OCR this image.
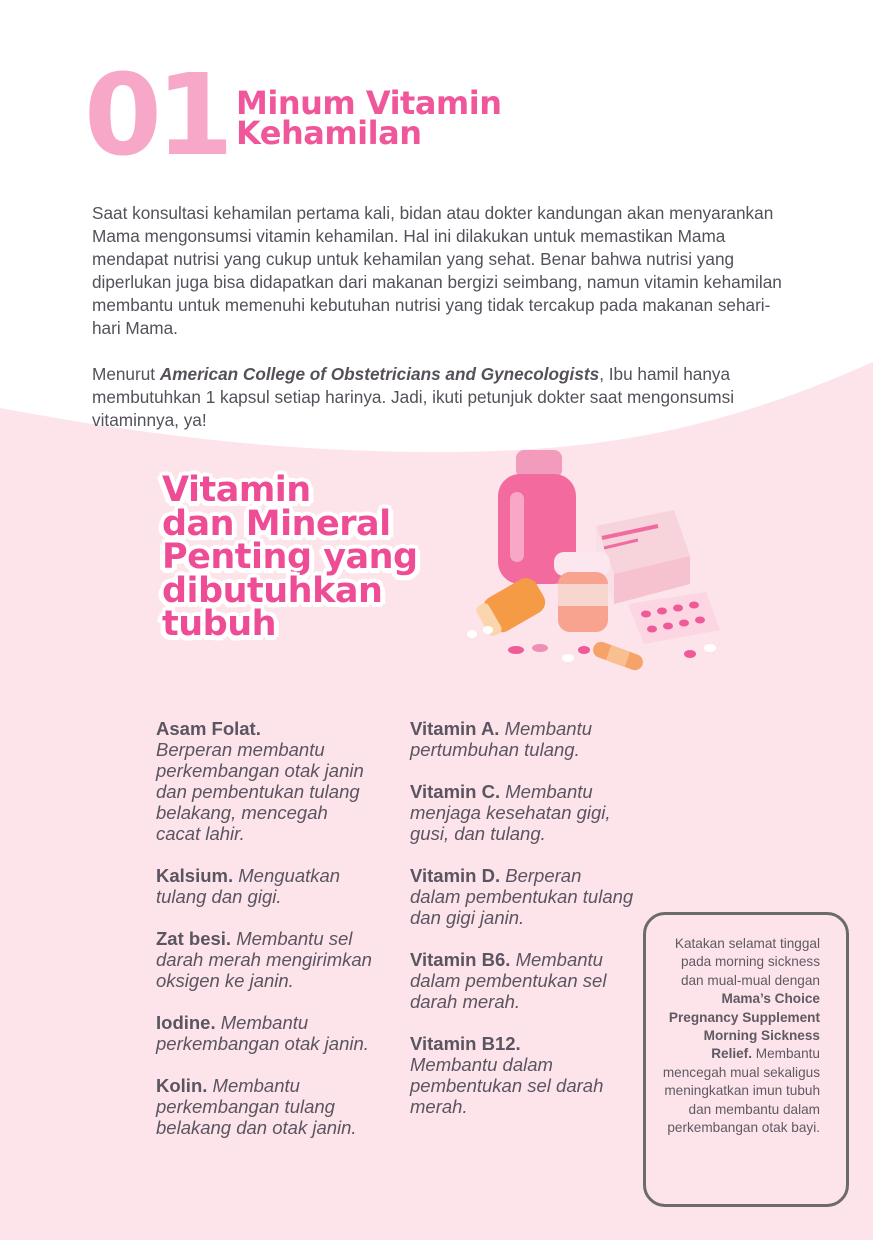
01 Minum Vitamin
Kehamilan

Saat konsultasi kehamilan pertama kali, bidan atau dokter kandungan akan menyarankan Mama mengonsumsi vitamin kehamilan. Hal ini dilakukan untuk memastikan Mama mendapat nutrisi yang cukup untuk kehamilan yang sehat. Benar bahwa nutrisi yang diperlukan juga bisa didapatkan dari makanan bergizi seimbang, namun vitamin kehamilan membantu untuk memenuhi kebutuhan nutrisi yang tidak tercakup pada makanan sehari-hari Mama.

Menurut American College of Obstetricians and Gynecologists, Ibu hamil hanya membutuhkan 1 kapsul setiap harinya. Jadi, ikuti petunjuk dokter saat mengonsumsi vitaminnya, ya!

Vitamin
dan Mineral
Penting yang
dibutuhkan
tubuh

Asam Folat.
Berperan membantu perkembangan otak janin dan pembentukan tulang belakang, mencegah cacat lahir.

Kalsium. Menguatkan tulang dan gigi.

Zat besi. Membantu sel darah merah mengirimkan oksigen ke janin.

Iodine. Membantu perkembangan otak janin.

Kolin. Membantu perkembangan tulang belakang dan otak janin.

Vitamin A. Membantu pertumbuhan tulang.

Vitamin C. Membantu menjaga kesehatan gigi, gusi, dan tulang.

Vitamin D. Berperan dalam pembentukan tulang dan gigi janin.

Vitamin B6. Membantu dalam pembentukan sel darah merah.

Vitamin B12.
Membantu dalam pembentukan sel darah merah.

Katakan selamat tinggal pada morning sickness dan mual-mual dengan Mama’s Choice Pregnancy Supplement Morning Sickness Relief. Membantu mencegah mual sekaligus meningkatkan imun tubuh dan membantu dalam perkembangan otak bayi.
